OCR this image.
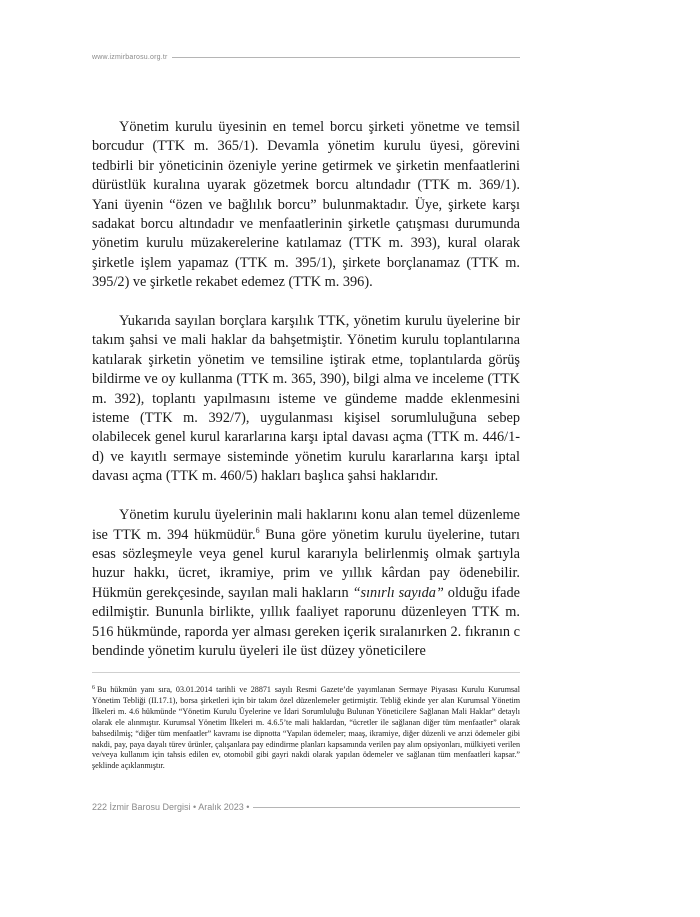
www.izmirbarosu.org.tr

Yönetim kurulu üyesinin en temel borcu şirketi yönetme ve temsil borcudur (TTK m. 365/1). Devamla yönetim kurulu üyesi, görevini tedbirli bir yöneticinin özeniyle yerine getirmek ve şirketin menfaatlerini dürüstlük kuralına uyarak gözetmek borcu altındadır (TTK m. 369/1). Yani üyenin “özen ve bağlılık borcu” bulunmaktadır. Üye, şirkete karşı sadakat borcu altındadır ve menfaatlerinin şirketle çatışması durumunda yönetim kurulu müzakerelerine katılamaz (TTK m. 393), kural olarak şirketle işlem yapamaz (TTK m. 395/1), şirkete borçlanamaz (TTK m. 395/2) ve şirketle rekabet edemez (TTK m. 396).

Yukarıda sayılan borçlara karşılık TTK, yönetim kurulu üyelerine bir takım şahsi ve mali haklar da bahşetmiştir. Yönetim kurulu toplantılarına katılarak şirketin yönetim ve temsiline iştirak etme, toplantılarda görüş bildirme ve oy kullanma (TTK m. 365, 390), bilgi alma ve inceleme (TTK m. 392), toplantı yapılmasını isteme ve gündeme madde eklenmesini isteme (TTK m. 392/7), uygulanması kişisel sorumluluğuna sebep olabilecek genel kurul kararlarına karşı iptal davası açma (TTK m. 446/1-d) ve kayıtlı sermaye sisteminde yönetim kurulu kararlarına karşı iptal davası açma (TTK m. 460/5) hakları başlıca şahsi haklarıdır.

Yönetim kurulu üyelerinin mali haklarını konu alan temel düzenleme ise TTK m. 394 hükmüdür.$^6$ Buna göre yönetim kurulu üyelerine, tutarı esas sözleşmeyle veya genel kurul kararıyla belirlenmiş olmak şartıyla huzur hakkı, ücret, ikramiye, prim ve yıllık kârdan pay ödenebilir. Hükmün gerekçesinde, sayılan mali hakların “sınırlı sayıda” olduğu ifade edilmiştir. Bununla birlikte, yıllık faaliyet raporunu düzenleyen TTK m. 516 hükmünde, raporda yer alması gereken içerik sıralanırken 2. fıkranın c bendinde yönetim kurulu üyeleri ile üst düzey yöneticilere

$^6$ Bu hükmün yanı sıra, 03.01.2014 tarihli ve 28871 sayılı Resmi Gazete’de yayımlanan Sermaye Piyasası Kurulu Kurumsal Yönetim Tebliği (II.17.1), borsa şirketleri için bir takım özel düzenlemeler getirmiştir. Tebliğ ekinde yer alan Kurumsal Yönetim İlkeleri m. 4.6 hükmünde “Yönetim Kurulu Üyelerine ve İdari Sorumluluğu Bulunan Yöneticilere Sağlanan Mali Haklar” detaylı olarak ele alınmıştır. Kurumsal Yönetim İlkeleri m. 4.6.5’te mali haklardan, “ücretler ile sağlanan diğer tüm menfaatler” olarak bahsedilmiş; “diğer tüm menfaatler” kavramı ise dipnotta “Yapılan ödemeler; maaş, ikramiye, diğer düzenli ve arızi ödemeler gibi nakdi, pay, paya dayalı türev ürünler, çalışanlara pay edindirme planları kapsamında verilen pay alım opsiyonları, mülkiyeti verilen ve/veya kullanım için tahsis edilen ev, otomobil gibi gayri nakdi olarak yapılan ödemeler ve sağlanan tüm menfaatleri kapsar.” şeklinde açıklanmıştır.

222 İzmir Barosu Dergisi • Aralık 2023 •
